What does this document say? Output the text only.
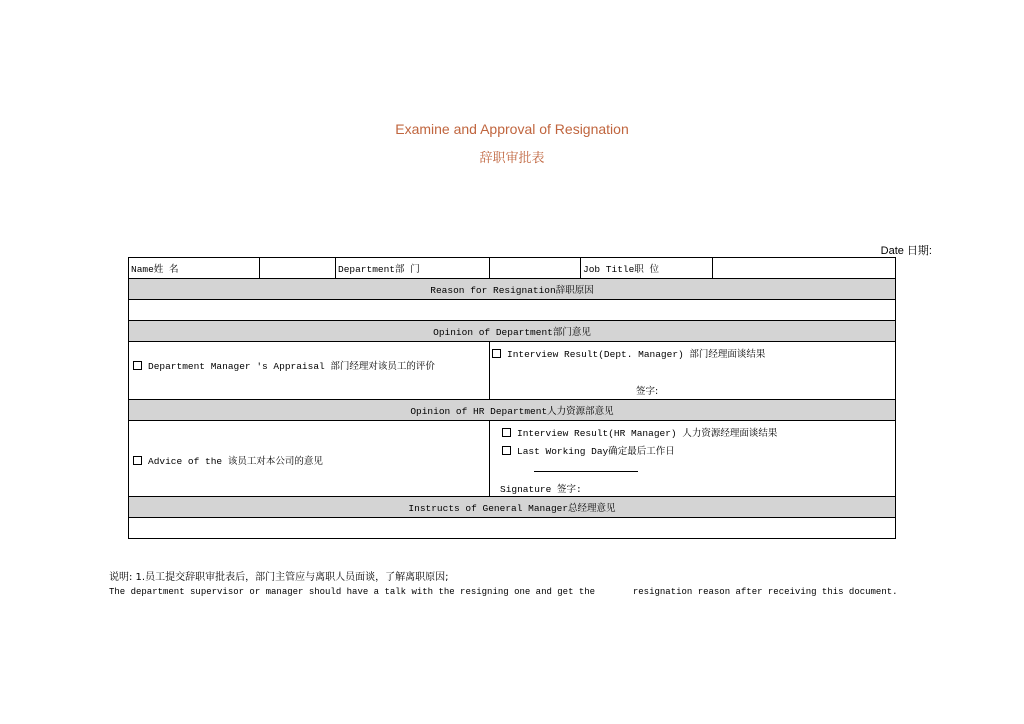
Examine and Approval of Resignation
辞职审批表
Date 日期:
Name姓 名		Department部 门		Job Title职 位	
Reason for Resignation辞职原因					

Opinion of Department部门意见					

Department Manager 's Appraisal 部门经理对该员工的评价			Interview Result(Dept. Manager) 部门经理面谈结果
签字:		

Opinion of HR Department人力资源部意见					

Advice of the 该员工对本公司的意见			Interview Result(HR Manager) 人力资源经理面谈结果
Last Working Day确定最后工作日
Signature 签字:		

Instructs of General Manager总经理意见					

说明: 1.员工提交辞职审批表后，部门主管应与离职人员面谈，了解离职原因;
The department supervisor or manager should have a talk with the resigning one and get the       resignation reason after receiving this document.
